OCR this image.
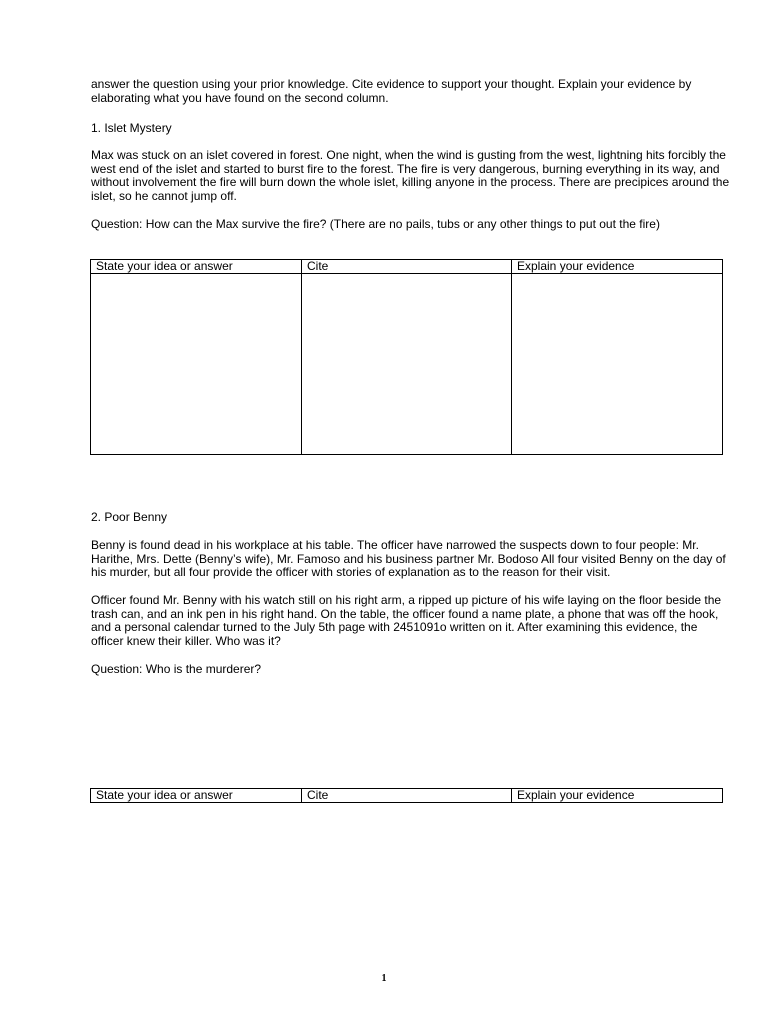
answer the question using your prior knowledge. Cite evidence to support your thought. Explain your evidence by elaborating what you have found on the second column.

1. Islet Mystery

Max was stuck on an islet covered in forest. One night, when the wind is gusting from the west, lightning hits forcibly the west end of the islet and started to burst fire to the forest. The fire is very dangerous, burning everything in its way, and without involvement the fire will burn down the whole islet, killing anyone in the process. There are precipices around the islet, so he cannot jump off.

Question: How can the Max survive the fire? (There are no pails, tubs or any other things to put out the fire)

State your idea or answer	Cite	Explain your evidence

2. Poor Benny

Benny is found dead in his workplace at his table. The officer have narrowed the suspects down to four people: Mr. Harithe, Mrs. Dette (Benny’s wife), Mr. Famoso and his business partner Mr. Bodoso All four visited Benny on the day of his murder, but all four provide the officer with stories of explanation as to the reason for their visit.

Officer found Mr. Benny with his watch still on his right arm, a ripped up picture of his wife laying on the floor beside the trash can, and an ink pen in his right hand. On the table, the officer found a name plate, a phone that was off the hook, and a personal calendar turned to the July 5th page with 2451091o written on it. After examining this evidence, the officer knew their killer. Who was it?

Question: Who is the murderer?

State your idea or answer	Cite	Explain your evidence
1
